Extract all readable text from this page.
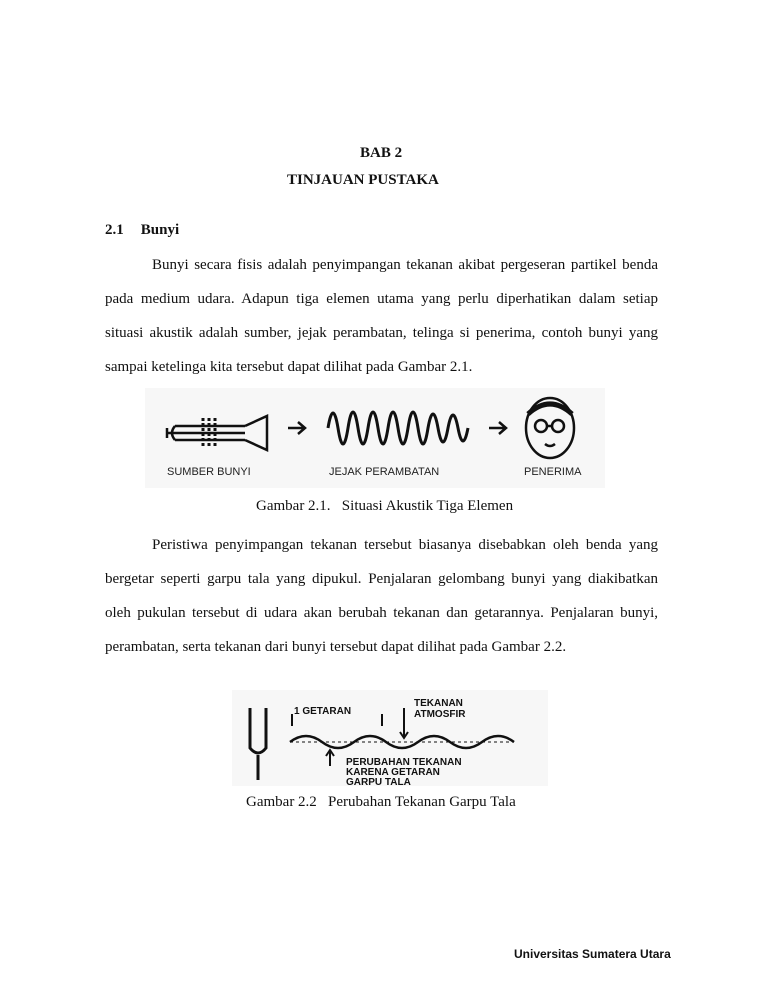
BAB 2
TINJAUAN PUSTAKA
2.1 Bunyi
Bunyi secara fisis adalah penyimpangan tekanan akibat pergeseran partikel benda
pada medium udara. Adapun tiga elemen utama yang perlu diperhatikan dalam setiap
situasi akustik adalah sumber, jejak perambatan, telinga si penerima, contoh bunyi yang
sampai ketelinga kita tersebut dapat dilihat pada Gambar 2.1.
SUMBER BUNYI	JEJAK PERAMBATAN	PENERIMA
Gambar 2.1.   Situasi Akustik Tiga Elemen
Peristiwa penyimpangan tekanan tersebut biasanya disebabkan oleh benda yang
bergetar seperti garpu tala yang dipukul. Penjalaran gelombang bunyi yang diakibatkan
oleh pukulan tersebut di udara akan berubah tekanan dan getarannya. Penjalaran bunyi,
perambatan, serta tekanan dari bunyi tersebut dapat dilihat pada Gambar 2.2.
1 GETARAN
TEKANAN
ATMOSFIR
PERUBAHAN TEKANAN
KARENA GETARAN
GARPU TALA
Gambar 2.2   Perubahan Tekanan Garpu Tala
Universitas Sumatera Utara
